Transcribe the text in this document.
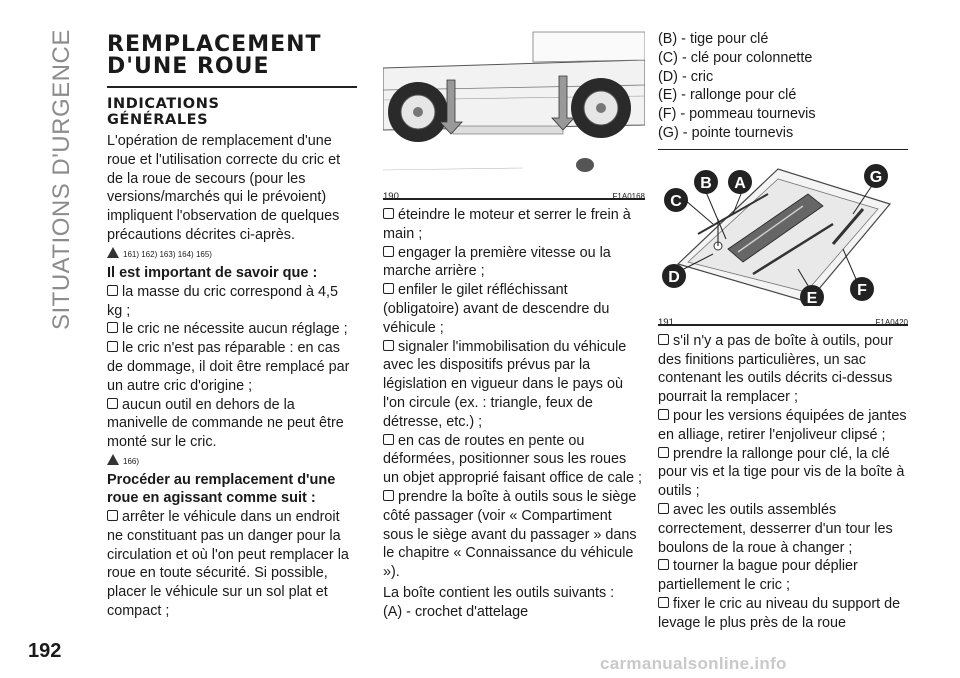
SITUATIONS D'URGENCE
192
carmanualsonline.info
REMPLACEMENT
D'UNE ROUE
INDICATIONS
GÉNÉRALES

L'opération de remplacement d'une roue et l'utilisation correcte du cric et de la roue de secours (pour les versions/marchés qui le prévoient) impliquent l'observation de quelques précautions décrites ci-après.

161) 162) 163) 164) 165)
Il est important de savoir que :

la masse du cric correspond à 4,5 kg ;

le cric ne nécessite aucun réglage ;

le cric n'est pas réparable : en cas de dommage, il doit être remplacé par un autre cric d'origine ;

aucun outil en dehors de la manivelle de commande ne peut être monté sur le cric.

166)
Procéder au remplacement d'une roue en agissant comme suit :

arrêter le véhicule dans un endroit ne constituant pas un danger pour la circulation et où l'on peut remplacer la roue en toute sécurité. Si possible, placer le véhicule sur un sol plat et compact ;

190	F1A0168

éteindre le moteur et serrer le frein à main ;

engager la première vitesse ou la marche arrière ;

enfiler le gilet réfléchissant (obligatoire) avant de descendre du véhicule ;

signaler l'immobilisation du véhicule avec les dispositifs prévus par la législation en vigueur dans le pays où l'on circule (ex. : triangle, feux de détresse, etc.) ;

en cas de routes en pente ou déformées, positionner sous les roues un objet approprié faisant office de cale ;

prendre la boîte à outils sous le siège côté passager (voir « Compartiment sous le siège avant du passager » dans le chapitre « Connaissance du véhicule »).

La boîte contient les outils suivants :

(A) - crochet d'attelage

(B) - tige pour clé

(C) - clé pour colonnette

(D) - cric

(E) - rallonge pour clé

(F) - pommeau tournevis

(G) - pointe tournevis

B A	G
C
D
E F
191	F1A0420

s'il n'y a pas de boîte à outils, pour des finitions particulières, un sac contenant les outils décrits ci-dessus pourrait la remplacer ;

pour les versions équipées de jantes en alliage, retirer l'enjoliveur clipsé ;

prendre la rallonge pour clé, la clé pour vis et la tige pour vis de la boîte à outils ;

avec les outils assemblés correctement, desserrer d'un tour les boulons de la roue à changer ;

tourner la bague pour déplier partiellement le cric ;

fixer le cric au niveau du support de levage le plus près de la roue
